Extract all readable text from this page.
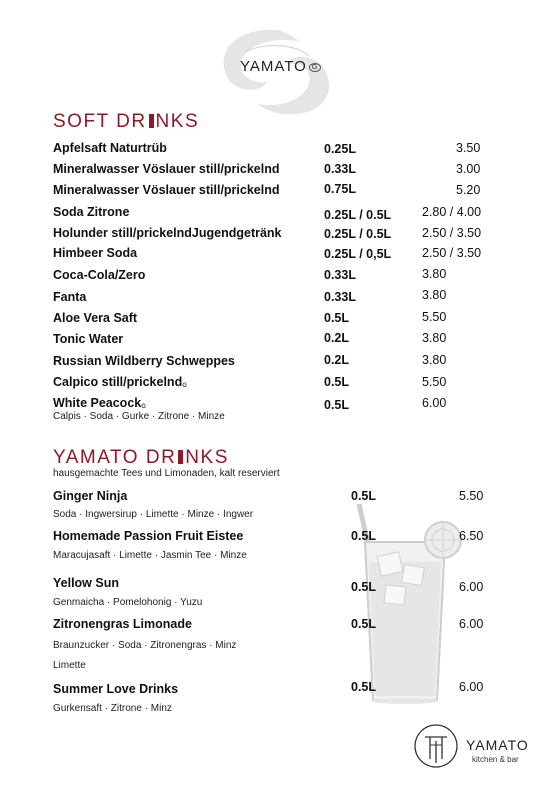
YAMATO G
SOFT DR NKS
Apfelsaft Naturtrüb	0.25L	3.50
Mineralwasser Vöslauer still/prickelnd	0.33L	3.00
Mineralwasser Vöslauer still/prickelnd	0.75L	5.20
Soda Zitrone	0.25L / 0.5L 2.80 / 4.00
Holunder still/prickelndJugendgetränk	0.25L / 0.5L 2.50 / 3.50
Himbeer Soda	0.25L / 0,5L 2.50 / 3.50
Coca-Cola/Zero	0.33L	3.80
Fanta	0.33L	3.80
Aloe Vera Saft	0.5L	5.50
Tonic Water	0.2L	3.80
Russian Wildberry Schweppes	0.2L	3.80
Calpico still/prickelndG	0.5L	5.50
White PeacockG	0.5L	6.00
Calpis · Soda · Gurke · Zitrone · Minze
YAMATO DR NKS
hausgemachte Tees und Limonaden, kalt reserviert
Ginger Ninja	0.5L	5.50
Soda · Ingwersirup · Limette · Minze · Ingwer
Homemade Passion Fruit Eistee	0.5L	6.50
Maracujasaft · Limette · Jasmin Tee · Minze
Yellow Sun	0.5L	6.00
Genmaicha · Pomelohonig · Yuzu
Zitronengras Limonade	0.5L	6.00
Braunzucker · Soda · Zitronengras · Minz
Limette
Summer Love Drinks	0.5L	6.00
Gurkensaft · Zitrone · Minz
YAMATO
kitchen & bar
